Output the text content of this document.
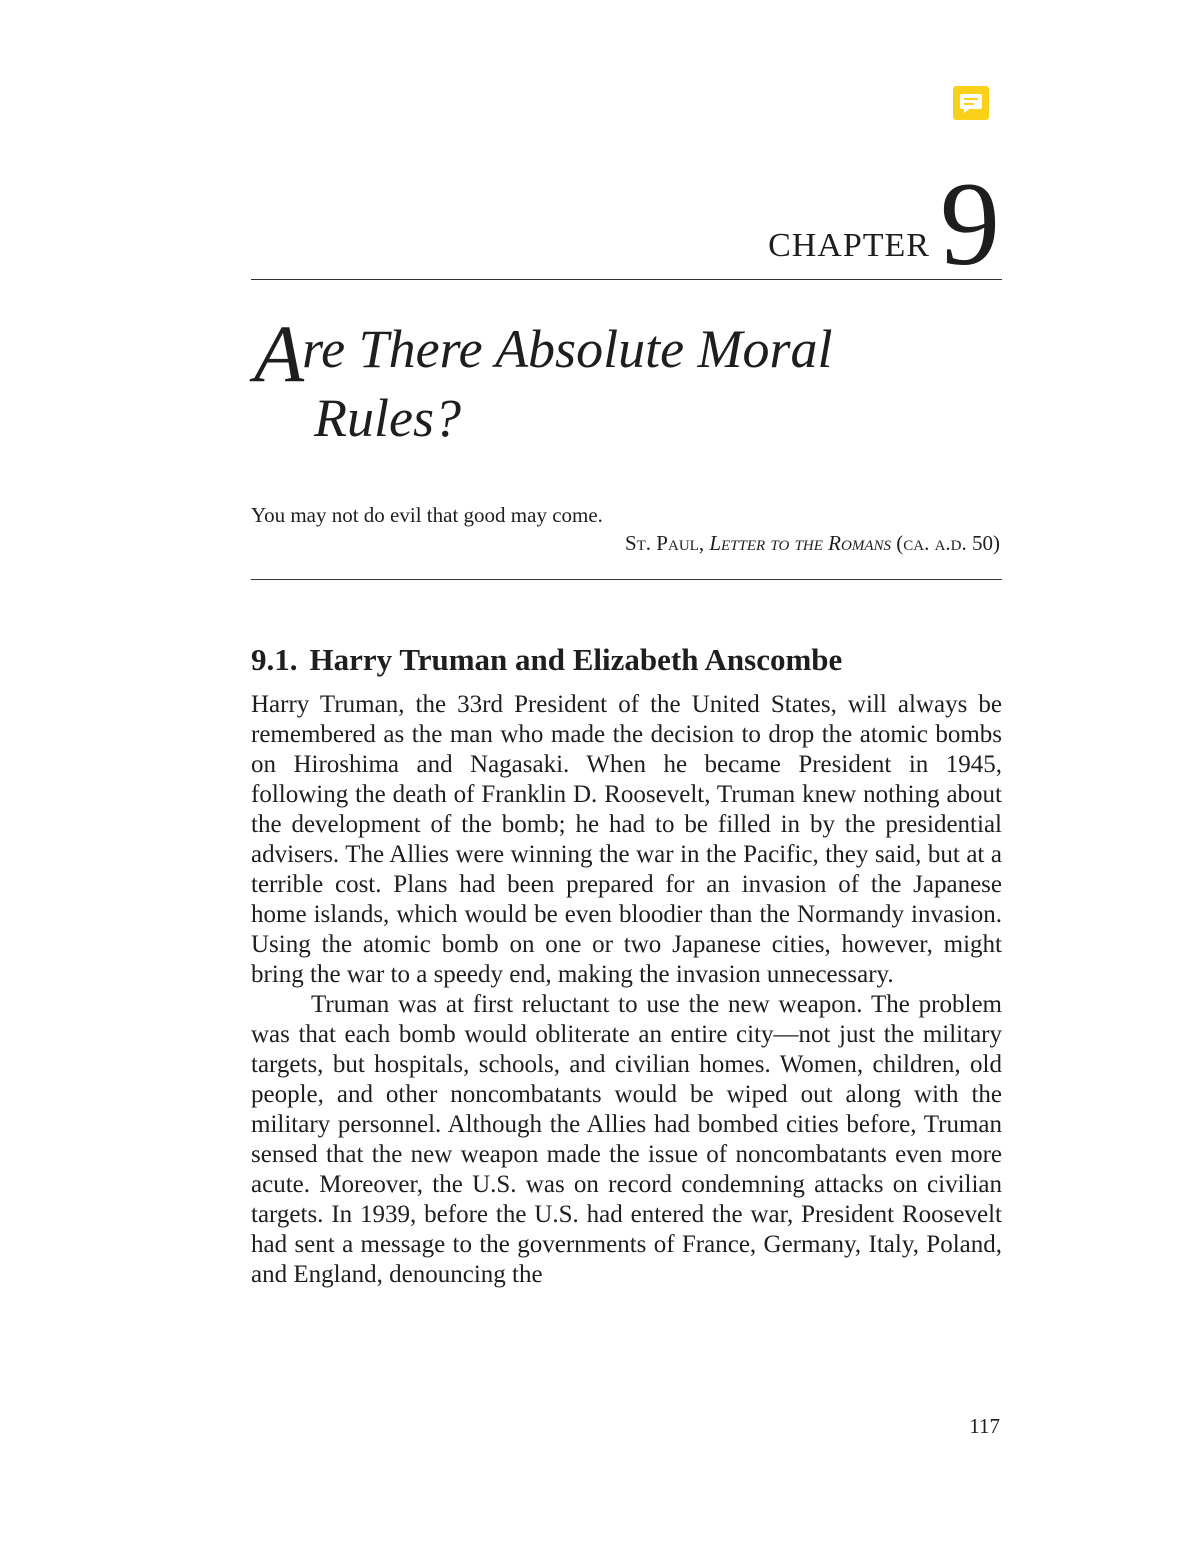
CHAPTER 9
Are There Absolute Moral
Rules?
You may not do evil that good may come.
St. Paul, Letter to the Romans (ca. a.d. 50)
9.1. Harry Truman and Elizabeth Anscombe

Harry Truman, the 33rd President of the United States, will always be remembered as the man who made the decision to drop the atomic bombs on Hiroshima and Nagasaki. When he became President in 1945, following the death of Franklin D. Roosevelt, Truman knew nothing about the development of the bomb; he had to be filled in by the presidential advisers. The Allies were winning the war in the Pacific, they said, but at a terrible cost. Plans had been prepared for an invasion of the Japanese home islands, which would be even bloodier than the Normandy invasion. Using the atomic bomb on one or two Japanese cities, however, might bring the war to a speedy end, making the invasion unnecessary.

Truman was at first reluctant to use the new weapon. The problem was that each bomb would obliterate an entire city—not just the military targets, but hospitals, schools, and civilian homes. Women, children, old people, and other noncombatants would be wiped out along with the military personnel. Although the Allies had bombed cities before, Truman sensed that the new weapon made the issue of noncombatants even more acute. Moreover, the U.S. was on record condemning attacks on civilian targets. In 1939, before the U.S. had entered the war, President Roosevelt had sent a message to the governments of France, Germany, Italy, Poland, and England, denouncing the

117
